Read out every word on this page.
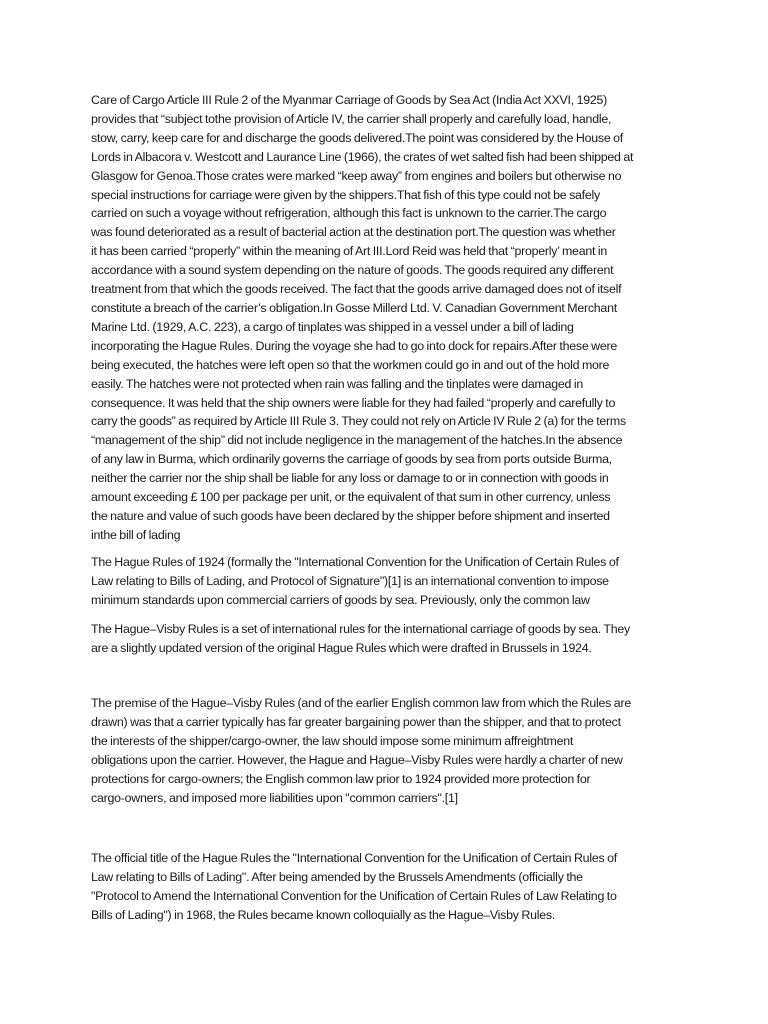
Care of Cargo Article III Rule 2 of the Myanmar Carriage of Goods by Sea Act (India Act XXVI, 1925)
provides that “subject tothe provision of Article IV, the carrier shall properly and carefully load, handle,
stow, carry, keep care for and discharge the goods delivered.The point was considered by the House of
Lords in Albacora v. Westcott and Laurance Line (1966), the crates of wet salted fish had been shipped at
Glasgow for Genoa.Those crates were marked “keep away” from engines and boilers but otherwise no
special instructions for carriage were given by the shippers.That fish of this type could not be safely
carried on such a voyage without refrigeration, although this fact is unknown to the carrier.The cargo
was found deteriorated as a result of bacterial action at the destination port.The question was whether
it has been carried “properly” within the meaning of Art III.Lord Reid was held that “properly’ meant in
accordance with a sound system depending on the nature of goods. The goods required any different
treatment from that which the goods received. The fact that the goods arrive damaged does not of itself
constitute a breach of the carrier’s obligation.In Gosse Millerd Ltd. V. Canadian Government Merchant
Marine Ltd. (1929, A.C. 223), a cargo of tinplates was shipped in a vessel under a bill of lading
incorporating the Hague Rules. During the voyage she had to go into dock for repairs.After these were
being executed, the hatches were left open so that the workmen could go in and out of the hold more
easily. The hatches were not protected when rain was falling and the tinplates were damaged in
consequence. It was held that the ship owners were liable for they had failed “properly and carefully to
carry the goods” as required by Article III Rule 3. They could not rely on Article IV Rule 2 (a) for the terms
“management of the ship” did not include negligence in the management of the hatches.In the absence
of any law in Burma, which ordinarily governs the carriage of goods by sea from ports outside Burma,
neither the carrier nor the ship shall be liable for any loss or damage to or in connection with goods in
amount exceeding £ 100 per package per unit, or the equivalent of that sum in other currency, unless
the nature and value of such goods have been declared by the shipper before shipment and inserted
inthe bill of lading

The Hague Rules of 1924 (formally the "International Convention for the Unification of Certain Rules of
Law relating to Bills of Lading, and Protocol of Signature")[1] is an international convention to impose
minimum standards upon commercial carriers of goods by sea. Previously, only the common law

The Hague–Visby Rules is a set of international rules for the international carriage of goods by sea. They
are a slightly updated version of the original Hague Rules which were drafted in Brussels in 1924.

The premise of the Hague–Visby Rules (and of the earlier English common law from which the Rules are
drawn) was that a carrier typically has far greater bargaining power than the shipper, and that to protect
the interests of the shipper/cargo-owner, the law should impose some minimum affreightment
obligations upon the carrier. However, the Hague and Hague–Visby Rules were hardly a charter of new
protections for cargo-owners; the English common law prior to 1924 provided more protection for
cargo-owners, and imposed more liabilities upon "common carriers".[1]

The official title of the Hague Rules the "International Convention for the Unification of Certain Rules of
Law relating to Bills of Lading". After being amended by the Brussels Amendments (officially the
"Protocol to Amend the International Convention for the Unification of Certain Rules of Law Relating to
Bills of Lading") in 1968, the Rules became known colloquially as the Hague–Visby Rules.
